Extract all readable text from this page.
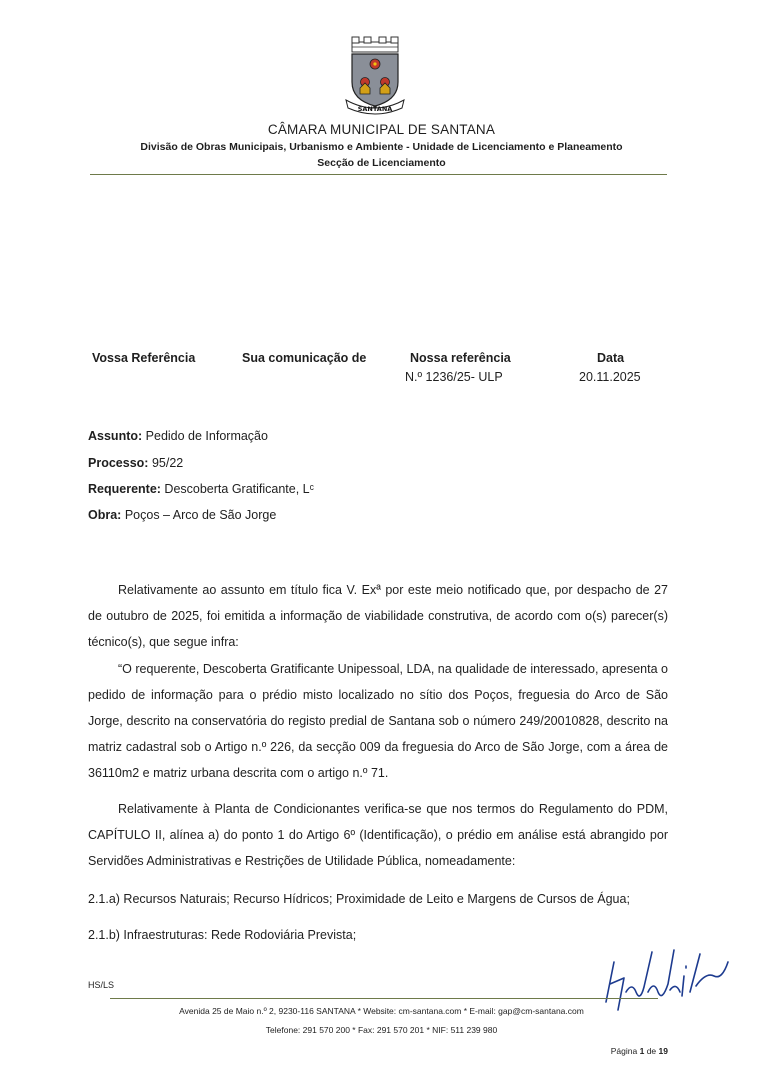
SANTANA
CÂMARA MUNICIPAL DE SANTANA
Divisão de Obras Municipais, Urbanismo e Ambiente - Unidade de Licenciamento e Planeamento
Secção de Licenciamento
Vossa Referência	Sua comunicação de	Nossa referência
N.º 1236/25- ULP
Data
20.11.2025
Assunto: Pedido de Informação
Processo: 95/22
Requerente: Descoberta Gratificante, Lᶜ
Obra: Poços – Arco de São Jorge
Relativamente ao assunto em título fica V. Exª por este meio notificado que, por despacho de 27 de outubro de 2025, foi emitida a informação de viabilidade construtiva, de acordo com o(s) parecer(s) técnico(s), que segue infra:
“O requerente, Descoberta Gratificante Unipessoal, LDA, na qualidade de interessado, apresenta o pedido de informação para o prédio misto localizado no sítio dos Poços, freguesia do Arco de São Jorge, descrito na conservatória do registo predial de Santana sob o número 249/20010828, descrito na matriz cadastral sob o Artigo n.º 226, da secção 009 da freguesia do Arco de São Jorge, com a área de 36110m2 e matriz urbana descrita com o artigo n.º 71.
Relativamente à Planta de Condicionantes verifica-se que nos termos do Regulamento do PDM, CAPÍTULO II, alínea a) do ponto 1 do Artigo 6º (Identificação), o prédio em análise está abrangido por Servidões Administrativas e Restrições de Utilidade Pública, nomeadamente:
2.1.a) Recursos Naturais; Recurso Hídricos; Proximidade de Leito e Margens de Cursos de Água;
2.1.b) Infraestruturas: Rede Rodoviária Prevista;
HS/LS
Avenida 25 de Maio n.º 2, 9230-116 SANTANA * Website: cm-santana.com * E-mail: gap@cm-santana.com
Telefone: 291 570 200 * Fax: 291 570 201 * NIF: 511 239 980
Página 1 de 19
